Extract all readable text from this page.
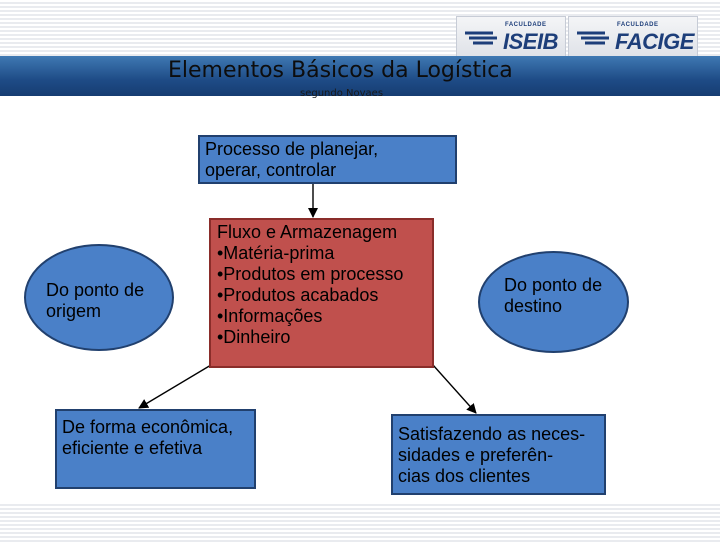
FACULDADE
ISEIB
FACULDADE
FACIGE
Elementos Básicos da Logística
segundo Novaes
Processo de planejar,
operar, controlar
Fluxo e Armazenagem
•Matéria-prima
•Produtos em processo
•Produtos acabados
•Informações
•Dinheiro
Do ponto de
origem
Do ponto de
destino
De forma econômica,
eficiente e efetiva
Satisfazendo as neces-
sidades e preferên-
cias dos clientes
